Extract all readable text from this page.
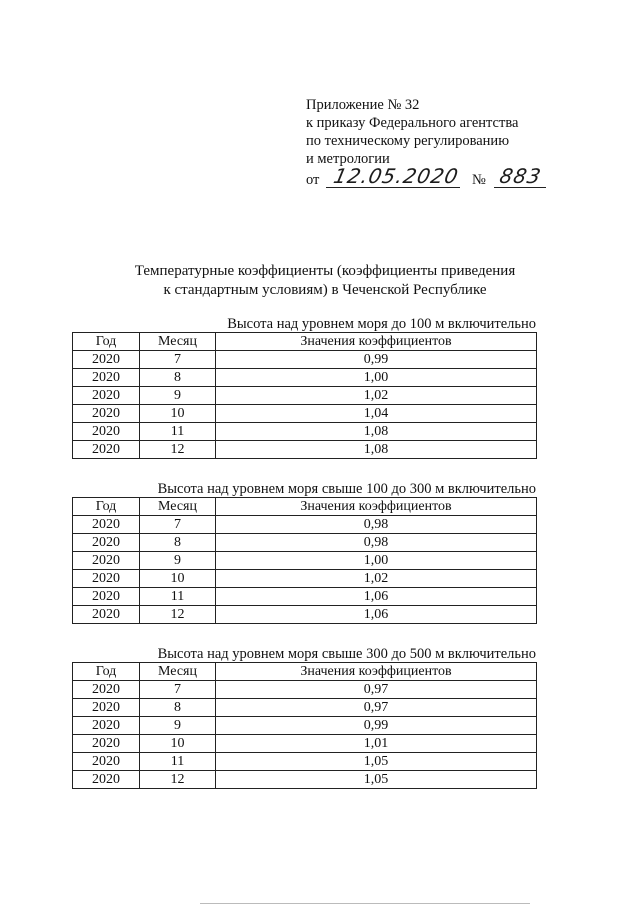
Приложение № 32
к приказу Федерального агентства
по техническому регулированию
и метрологии
от 12.05.2020 № 883
Температурные коэффициенты (коэффициенты приведения
к стандартным условиям) в Чеченской Республике
Высота над уровнем моря до 100 м включительно
Год	Месяц	Значения коэффициентов
2020	7	0,99
2020	8	1,00
2020	9	1,02
2020	10	1,04
2020	11	1,08
2020	12	1,08
Высота над уровнем моря свыше 100 до 300 м включительно
Год	Месяц	Значения коэффициентов
2020	7	0,98
2020	8	0,98
2020	9	1,00
2020	10	1,02
2020	11	1,06
2020	12	1,06
Высота над уровнем моря свыше 300 до 500 м включительно
Год	Месяц	Значения коэффициентов
2020	7	0,97
2020	8	0,97
2020	9	0,99
2020	10	1,01
2020	11	1,05
2020	12	1,05
